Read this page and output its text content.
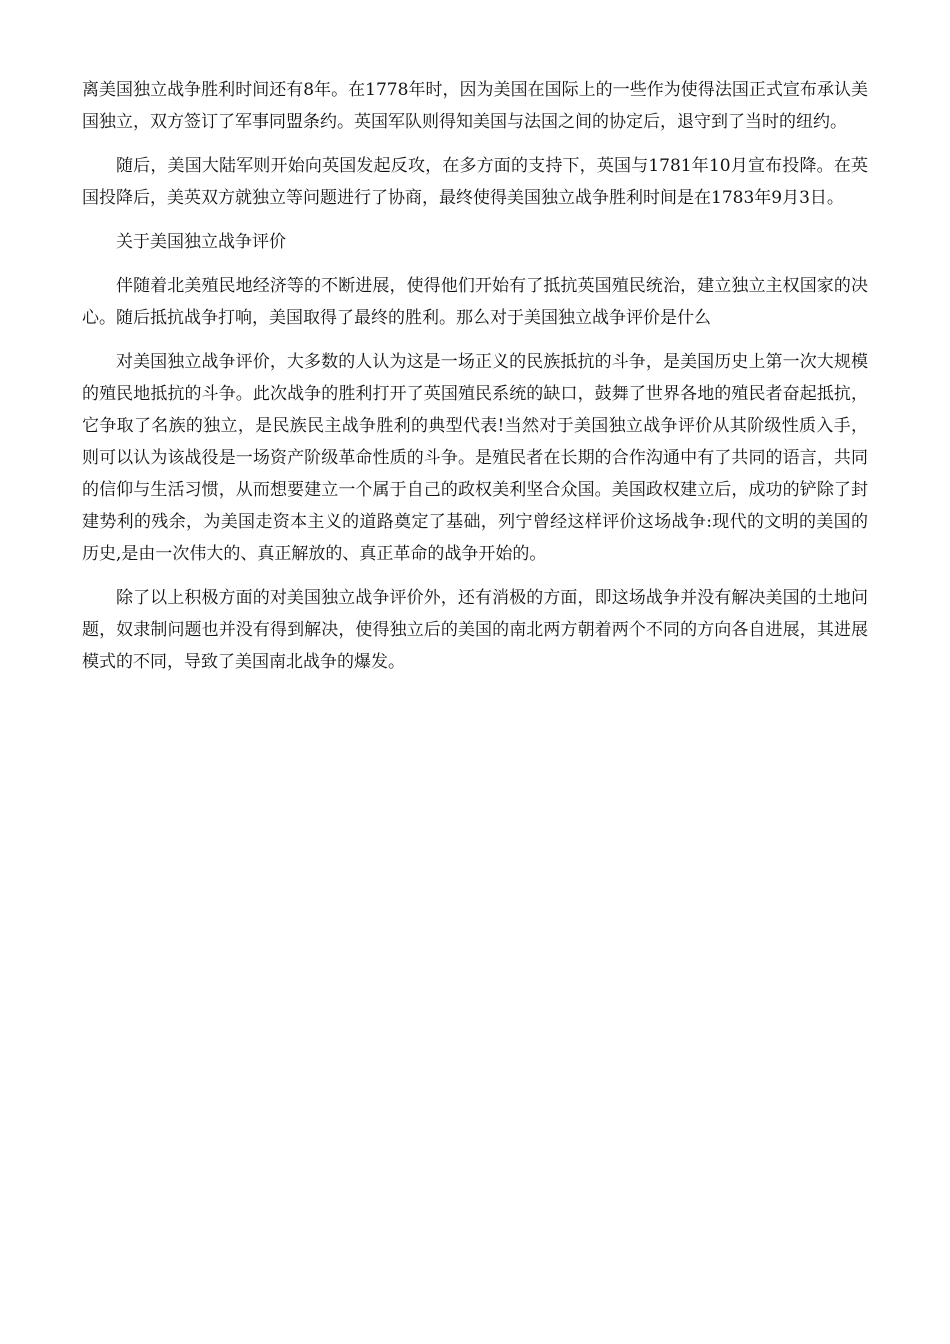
离美国独立战争胜利时间还有8年。在1778年时，因为美国在国际上的一些作为使得法国正式宣布承认美国独立，双方签订了军事同盟条约。英国军队则得知美国与法国之间的协定后，退守到了当时的纽约。

随后，美国大陆军则开始向英国发起反攻，在多方面的支持下，英国与1781年10月宣布投降。在英国投降后，美英双方就独立等问题进行了协商，最终使得美国独立战争胜利时间是在1783年9月3日。

关于美国独立战争评价

伴随着北美殖民地经济等的不断进展，使得他们开始有了抵抗英国殖民统治，建立独立主权国家的决心。随后抵抗战争打响，美国取得了最终的胜利。那么对于美国独立战争评价是什么

对美国独立战争评价，大多数的人认为这是一场正义的民族抵抗的斗争，是美国历史上第一次大规模的殖民地抵抗的斗争。此次战争的胜利打开了英国殖民系统的缺口，鼓舞了世界各地的殖民者奋起抵抗，它争取了名族的独立，是民族民主战争胜利的典型代表!当然对于美国独立战争评价从其阶级性质入手，则可以认为该战役是一场资产阶级革命性质的斗争。是殖民者在长期的合作沟通中有了共同的语言，共同的信仰与生活习惯，从而想要建立一个属于自己的政权美利坚合众国。美国政权建立后，成功的铲除了封建势利的残余，为美国走资本主义的道路奠定了基础，列宁曾经这样评价这场战争:现代的文明的美国的历史,是由一次伟大的、真正解放的、真正革命的战争开始的。

除了以上积极方面的对美国独立战争评价外，还有消极的方面，即这场战争并没有解决美国的土地问题，奴隶制问题也并没有得到解决，使得独立后的美国的南北两方朝着两个不同的方向各自进展，其进展模式的不同，导致了美国南北战争的爆发。
